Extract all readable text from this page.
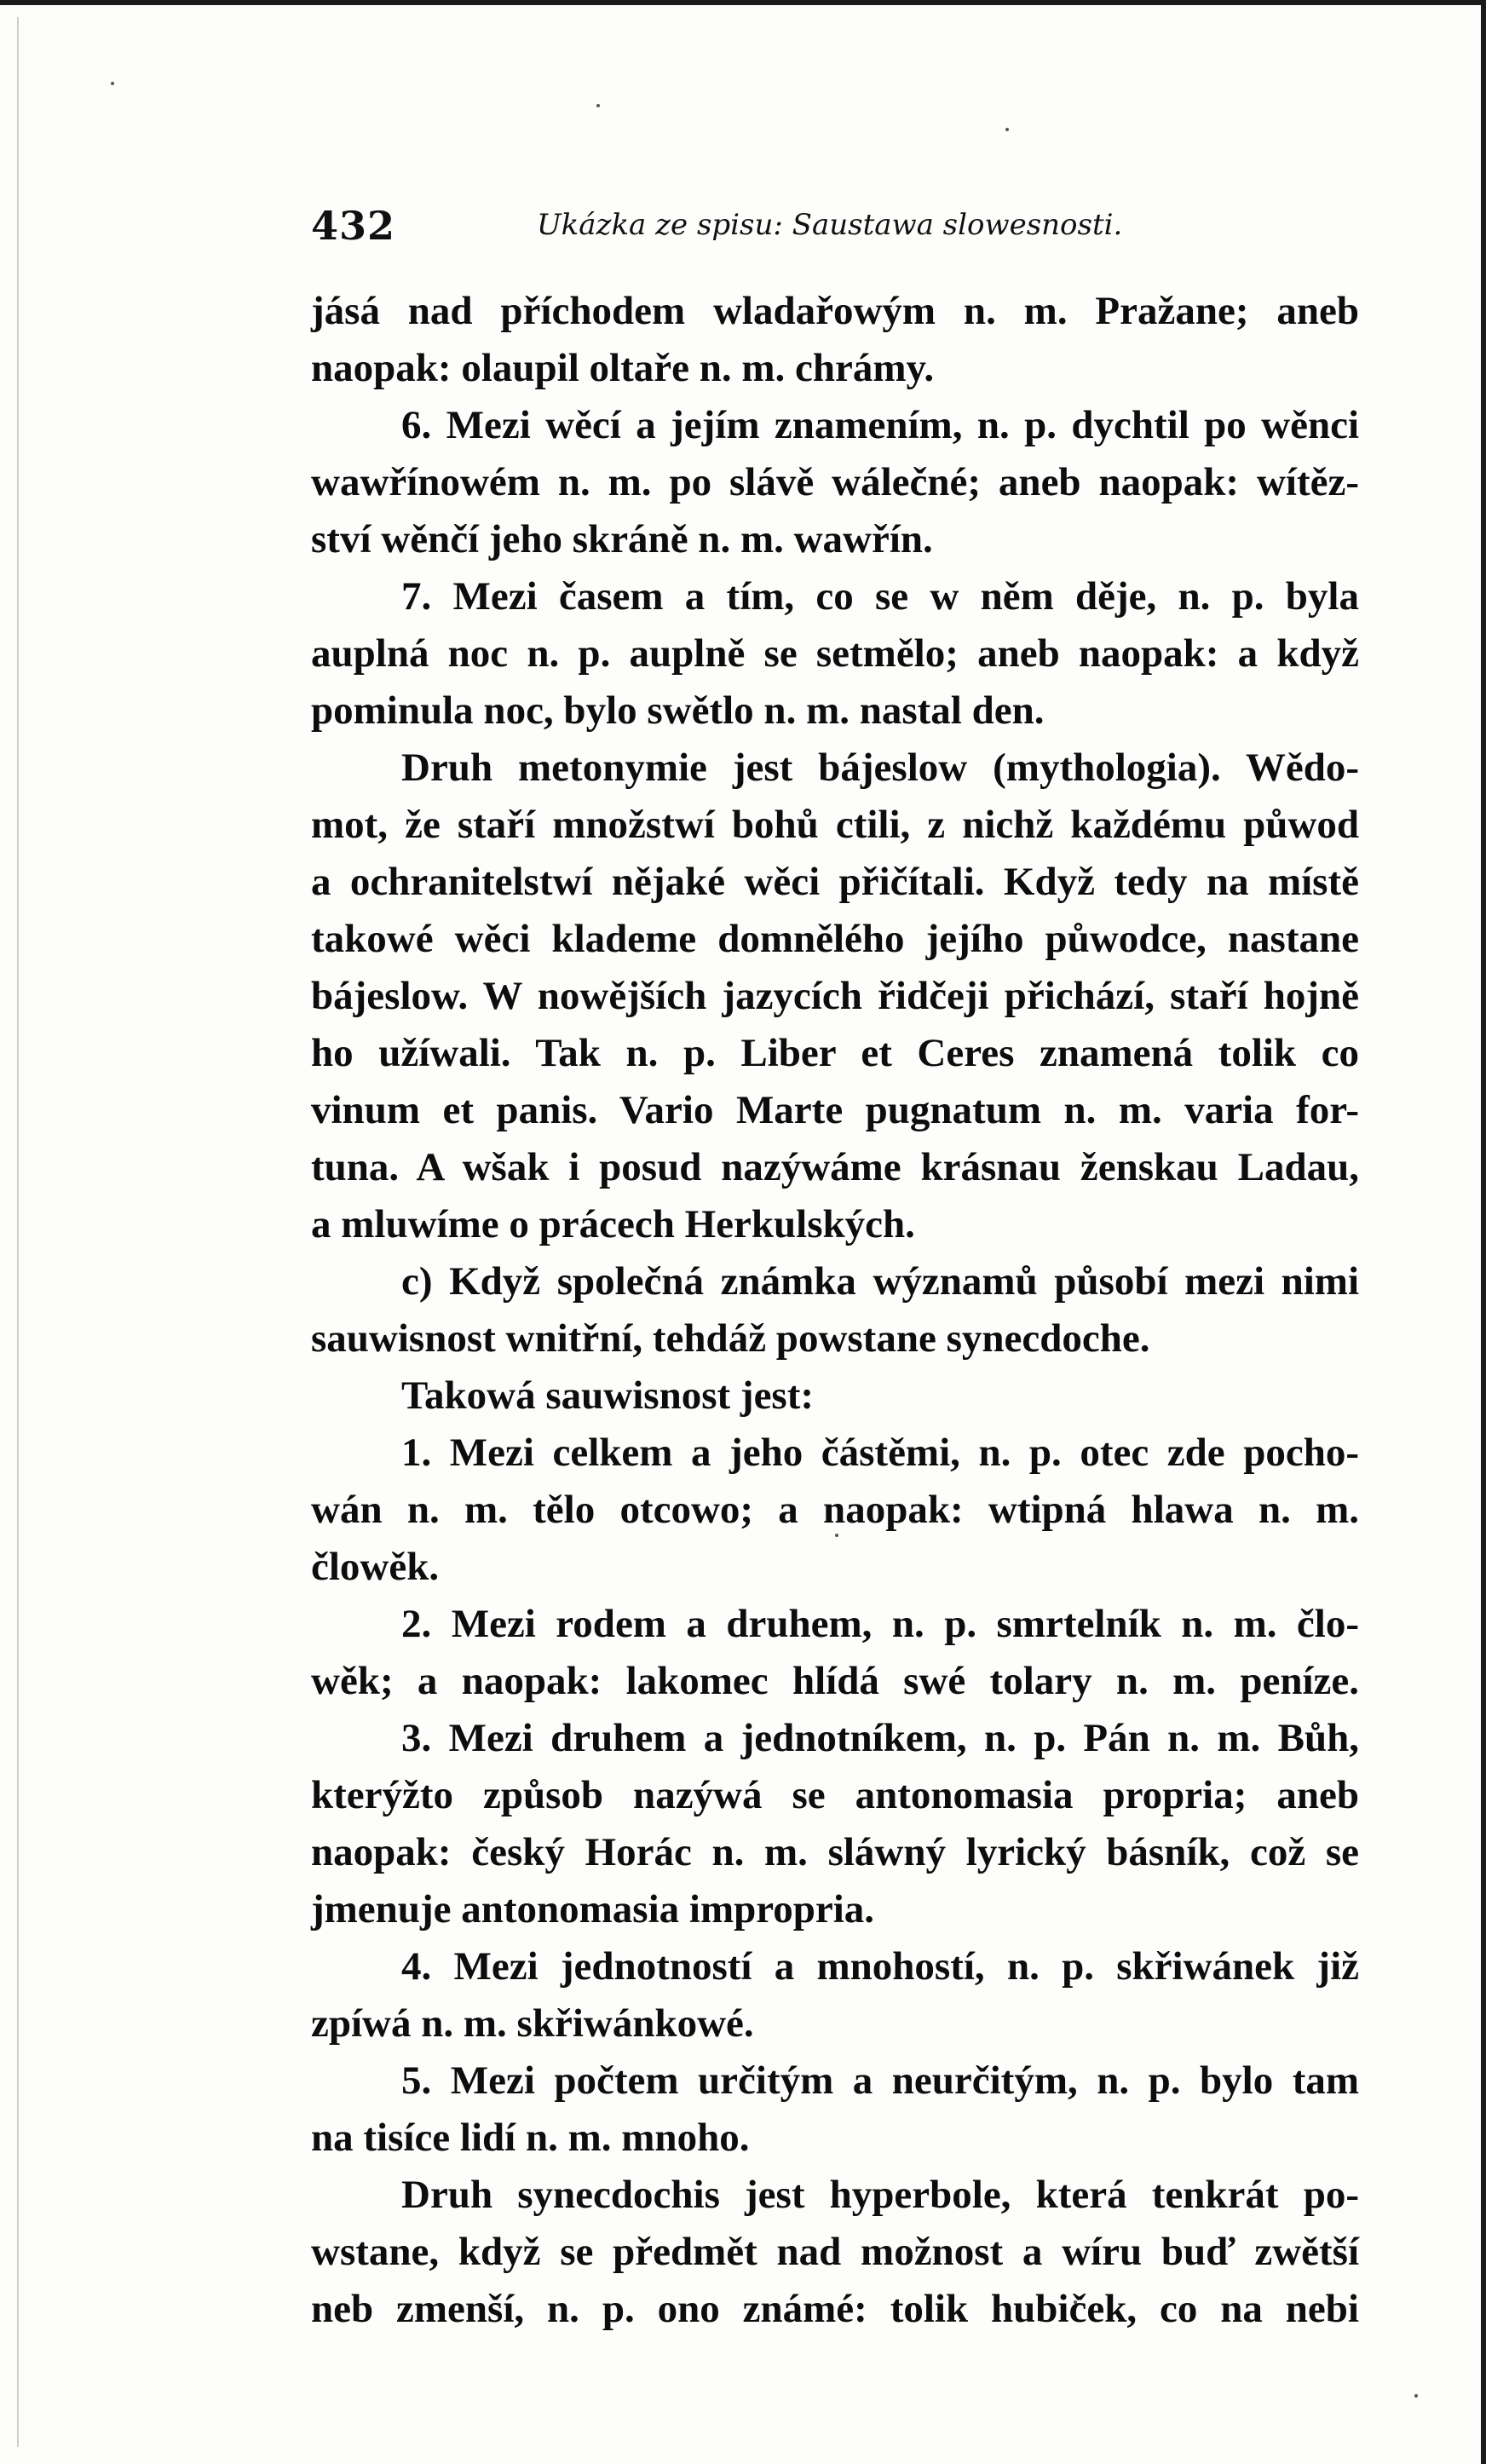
432	Ukázka ze spisu: Saustawa slowesnosti.
jásá nad příchodem wladařowým n. m. Pražane; aneb
naopak: olaupil oltaře n. m. chrámy.
6. Mezi wěcí a jejím znamením, n. p. dychtil po wěnci
wawřínowém n. m. po slávě wálečné; aneb naopak: wítěz-
ství wěnčí jeho skráně n. m. wawřín.
7. Mezi časem a tím, co se w něm děje, n. p. byla
auplná noc n. p. auplně se setmělo; aneb naopak: a když
pominula noc, bylo swětlo n. m. nastal den.
Druh metonymie jest bájeslow (mythologia). Wědo-
mot, že staří množstwí bohů ctili, z nichž každému půwod
a ochranitelstwí nějaké wěci přičítali. Když tedy na místě
takowé wěci klademe domnělého jejího půwodce, nastane
bájeslow. W nowějších jazycích řidčeji přichází, staří hojně
ho užíwali. Tak n. p. Liber et Ceres znamená tolik co
vinum et panis. Vario Marte pugnatum n. m. varia for-
tuna. A wšak i posud nazýwáme krásnau ženskau Ladau,
a mluwíme o prácech Herkulských.
c) Když společná známka wýznamů působí mezi nimi
sauwisnost wnitřní, tehdáž powstane synecdoche.
Takowá sauwisnost jest:
1. Mezi celkem a jeho částěmi, n. p. otec zde pocho-
wán n. m. tělo otcowo; a naopak: wtipná hlawa n. m.
člowěk.
2. Mezi rodem a druhem, n. p. smrtelník n. m. člo-
wěk; a naopak: lakomec hlídá swé tolary n. m. peníze.
3. Mezi druhem a jednotníkem, n. p. Pán n. m. Bůh,
kterýžto způsob nazýwá se antonomasia propria; aneb
naopak: český Horác n. m. sláwný lyrický básník, což se
jmenuje antonomasia impropria.
4. Mezi jednotností a mnohostí, n. p. skřiwánek již
zpíwá n. m. skřiwánkowé.
5. Mezi počtem určitým a neurčitým, n. p. bylo tam
na tisíce lidí n. m. mnoho.
Druh synecdochis jest hyperbole, která tenkrát po-
wstane, když se předmět nad možnost a wíru buď zwětší
neb zmenší, n. p. ono známé: tolik hubiček, co na nebi
